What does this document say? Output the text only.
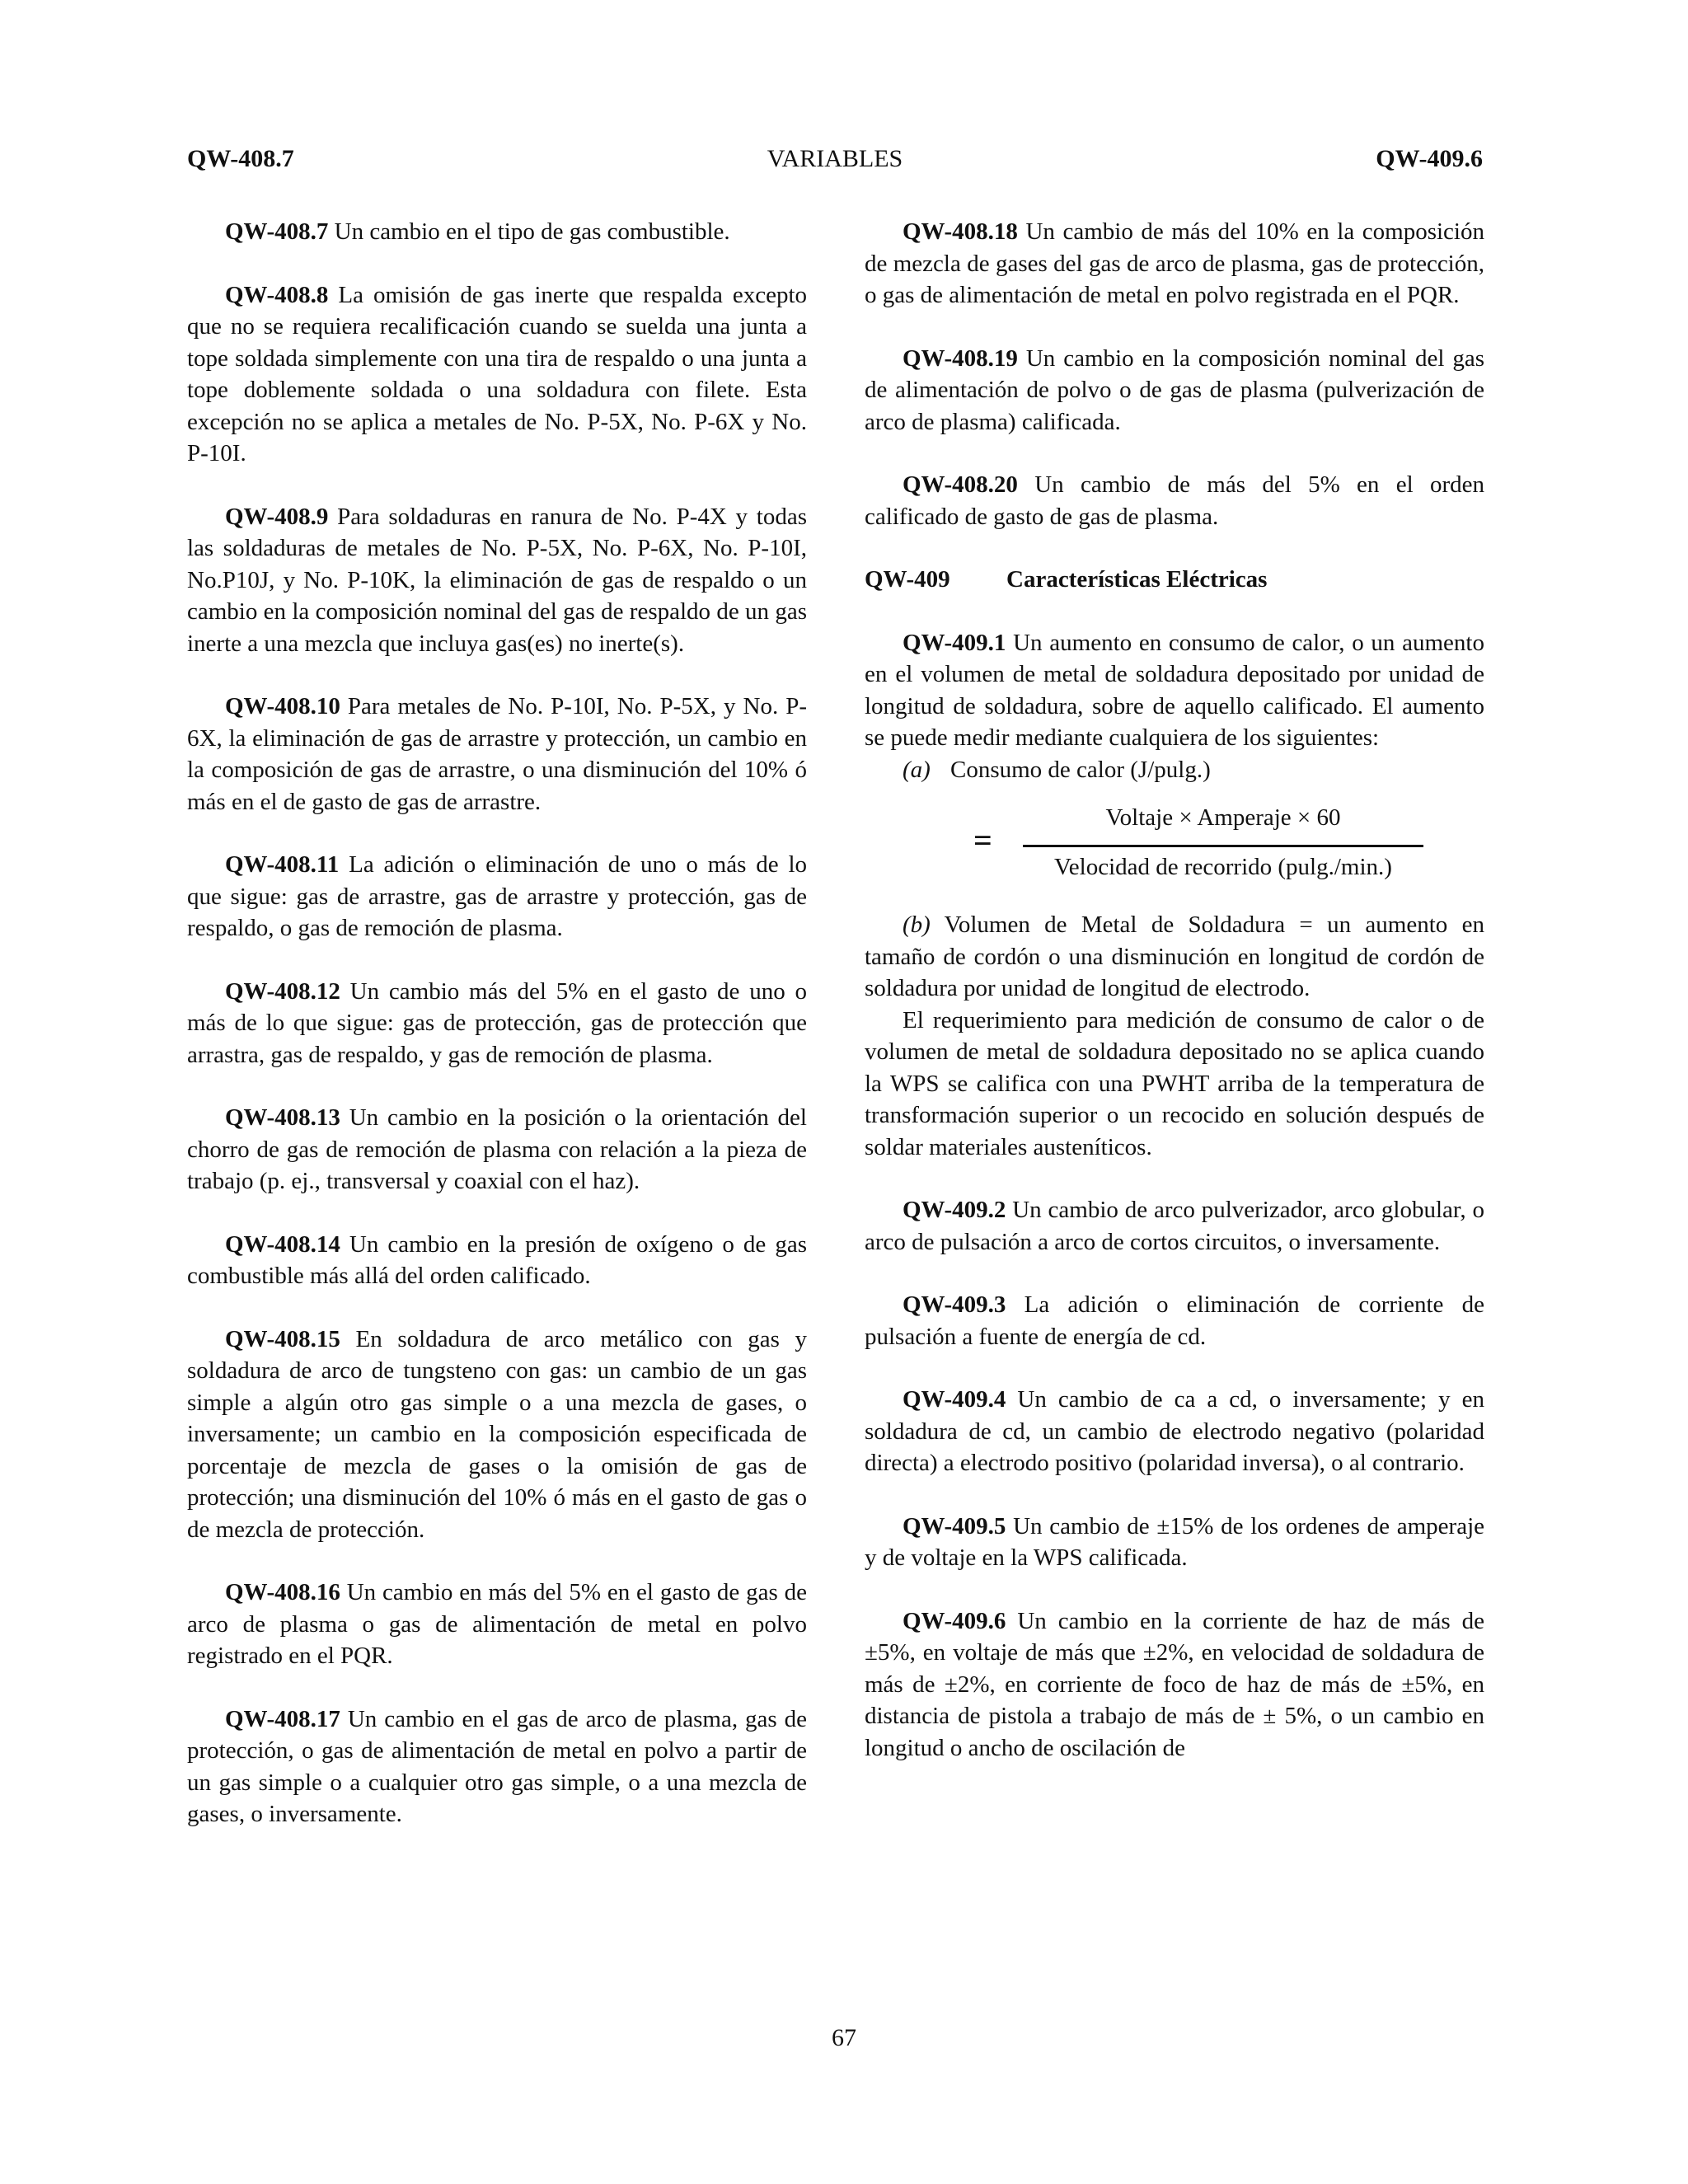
QW-408.7	VARIABLES	QW-409.6

QW-408.7 Un cambio en el tipo de gas combustible.

QW-408.8 La omisión de gas inerte que respalda excepto que no se requiera recalificación cuando se suelda una junta a tope soldada simplemente con una tira de respaldo o una junta a tope doblemente soldada o una soldadura con filete. Esta excepción no se aplica a metales de No. P-5X, No. P-6X y No. P-10I.

QW-408.9 Para soldaduras en ranura de No. P-4X y todas las soldaduras de metales de No. P-5X, No. P-6X, No. P-10I, No.P10J, y No. P-10K, la eliminación de gas de respaldo o un cambio en la composición nominal del gas de respaldo de un gas inerte a una mezcla que incluya gas(es) no inerte(s).

QW-408.10 Para metales de No. P-10I, No. P-5X, y No. P-6X, la eliminación de gas de arrastre y protección, un cambio en la composición de gas de arrastre, o una disminución del 10% ó más en el de gasto de gas de arrastre.

QW-408.11 La adición o eliminación de uno o más de lo que sigue: gas de arrastre, gas de arrastre y protección, gas de respaldo, o gas de remoción de plasma.

QW-408.12 Un cambio más del 5% en el gasto de uno o más de lo que sigue: gas de protección, gas de protección que arrastra, gas de respaldo, y gas de remoción de plasma.

QW-408.13 Un cambio en la posición o la orientación del chorro de gas de remoción de plasma con relación a la pieza de trabajo (p. ej., transversal y coaxial con el haz).

QW-408.14 Un cambio en la presión de oxígeno o de gas combustible más allá del orden calificado.

QW-408.15 En soldadura de arco metálico con gas y soldadura de arco de tungsteno con gas: un cambio de un gas simple a algún otro gas simple o a una mezcla de gases, o inversamente; un cambio en la composición especificada de porcentaje de mezcla de gases o la omisión de gas de protección; una disminución del 10% ó más en el gasto de gas o de mezcla de protección.

QW-408.16 Un cambio en más del 5% en el gasto de gas de arco de plasma o gas de alimentación de metal en polvo registrado en el PQR.

QW-408.17 Un cambio en el gas de arco de plasma, gas de protección, o gas de alimentación de metal en polvo a partir de un gas simple o a cualquier otro gas simple, o a una mezcla de gases, o inversamente.

QW-408.18 Un cambio de más del 10% en la composición de mezcla de gases del gas de arco de plasma, gas de protección, o gas de alimentación de metal en polvo registrada en el PQR.

QW-408.19 Un cambio en la composición nominal del gas de alimentación de polvo o de gas de plasma (pulverización de arco de plasma) calificada.

QW-408.20 Un cambio de más del 5% en el orden calificado de gasto de gas de plasma.

QW-409 Características Eléctricas

QW-409.1 Un aumento en consumo de calor, o un aumento en el volumen de metal de soldadura depositado por unidad de longitud de soldadura, sobre de aquello calificado. El aumento se puede medir mediante cualquiera de los siguientes:

(a) Consumo de calor (J/pulg.)

=
Voltaje × Amperaje × 60
Velocidad de recorrido (pulg./min.)

(b) Volumen de Metal de Soldadura = un aumento en tamaño de cordón o una disminución en longitud de cordón de soldadura por unidad de longitud de electrodo.

El requerimiento para medición de consumo de calor o de volumen de metal de soldadura depositado no se aplica cuando la WPS se califica con una PWHT arriba de la temperatura de transformación superior o un recocido en solución después de soldar materiales austeníticos.

QW-409.2 Un cambio de arco pulverizador, arco globular, o arco de pulsación a arco de cortos circuitos, o inversamente.

QW-409.3 La adición o eliminación de corriente de pulsación a fuente de energía de cd.

QW-409.4 Un cambio de ca a cd, o inversamente; y en soldadura de cd, un cambio de electrodo negativo (polaridad directa) a electrodo positivo (polaridad inversa), o al contrario.

QW-409.5 Un cambio de ±15% de los ordenes de amperaje y de voltaje en la WPS calificada.

QW-409.6 Un cambio en la corriente de haz de más de ±5%, en voltaje de más que ±2%, en velocidad de soldadura de más de ±2%, en corriente de foco de haz de más de ±5%, en distancia de pistola a trabajo de más de ± 5%, o un cambio en longitud o ancho de oscilación de

67
